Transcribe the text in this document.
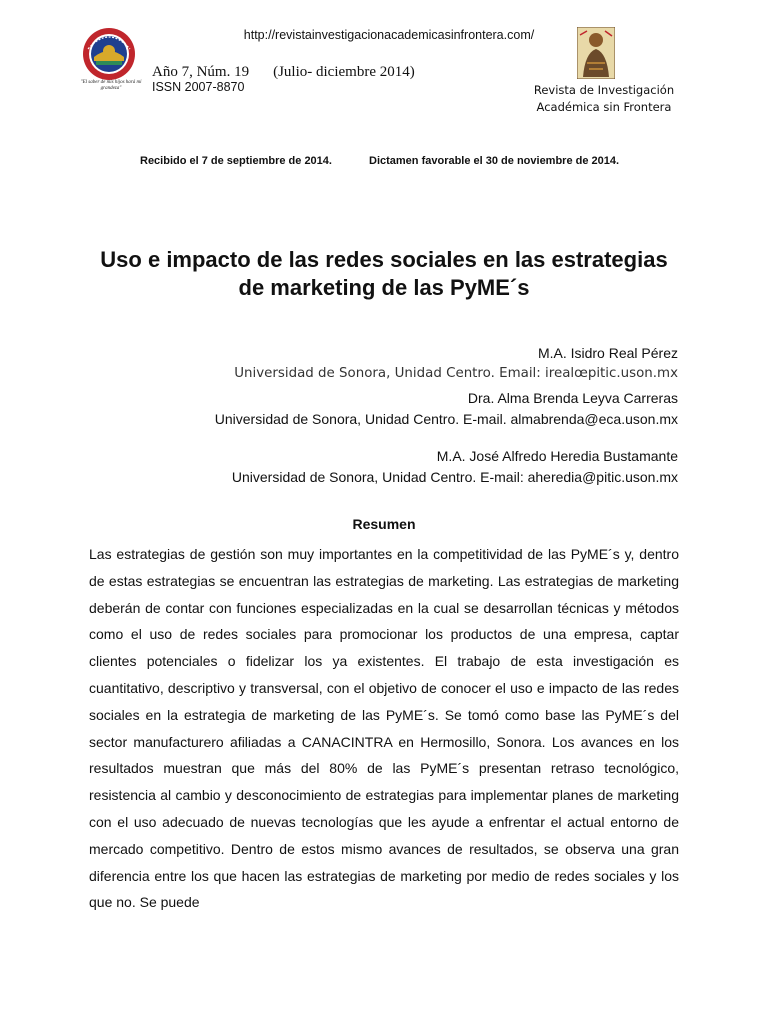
http://revistainvestigacionacademicasinfrontera.com/
"El saber de mis hijos hará mi grandeza"
Año 7, Núm. 19 (Julio- diciembre 2014)
ISSN 2007-8870	Revista de Investigación
Académica sin Frontera
Recibido el 7 de septiembre de 2014.	Dictamen favorable el 30 de noviembre de 2014.
Uso e impacto de las redes sociales en las estrategias
de marketing de las PyME´s
M.A. Isidro Real Pérez
Universidad de Sonora, Unidad Centro. Email: irealœpitic.uson.mx
Dra. Alma Brenda Leyva Carreras
Universidad de Sonora, Unidad Centro. E-mail. almabrenda@eca.uson.mx
M.A. José Alfredo Heredia Bustamante
Universidad de Sonora, Unidad Centro. E-mail: aheredia@pitic.uson.mx
Resumen
Las estrategias de gestión son muy importantes en la competitividad de las PyME´s y, dentro de estas estrategias se encuentran las estrategias de marketing. Las estrategias de marketing deberán de contar con funciones especializadas en la cual se desarrollan técnicas y métodos como el uso de redes sociales para promocionar los productos de una empresa, captar clientes potenciales o fidelizar los ya existentes. El trabajo de esta investigación es cuantitativo, descriptivo y transversal, con el objetivo de conocer el uso e impacto de las redes sociales en la estrategia de marketing de las PyME´s. Se tomó como base las PyME´s del sector manufacturero afiliadas a CANACINTRA en Hermosillo, Sonora. Los avances en los resultados muestran que más del 80% de las PyME´s presentan retraso tecnológico, resistencia al cambio y desconocimiento de estrategias para implementar planes de marketing con el uso adecuado de nuevas tecnologías que les ayude a enfrentar el actual entorno de mercado competitivo. Dentro de estos mismo avances de resultados, se observa una gran diferencia entre los que hacen las estrategias de marketing por medio de redes sociales y los que no. Se puede
